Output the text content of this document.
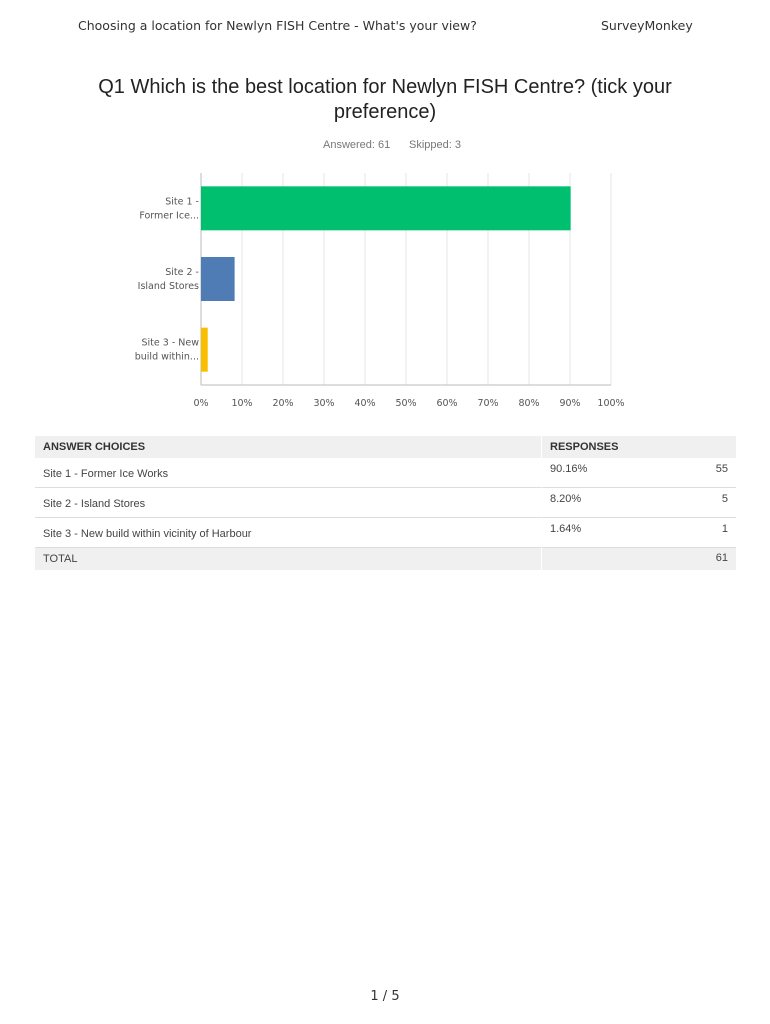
Choosing a location for Newlyn FISH Centre - What's your view?	SurveyMonkey
Q1 Which is the best location for Newlyn FISH Centre? (tick your preference)
Answered: 61 Skipped: 3
Site 1 -Former Ice...
Site 2 -Island Stores
Site 3 - New build within...
0% 10% 20% 30% 40% 50% 60% 70% 80% 90% 100%
ANSWER CHOICES	RESPONSES
Site 1 - Former Ice Works	90.16% 55

Site 2 - Island Stores	8.20% 5

Site 3 - New build within vicinity of Harbour	1.64% 1

TOTAL	61
1 / 5
